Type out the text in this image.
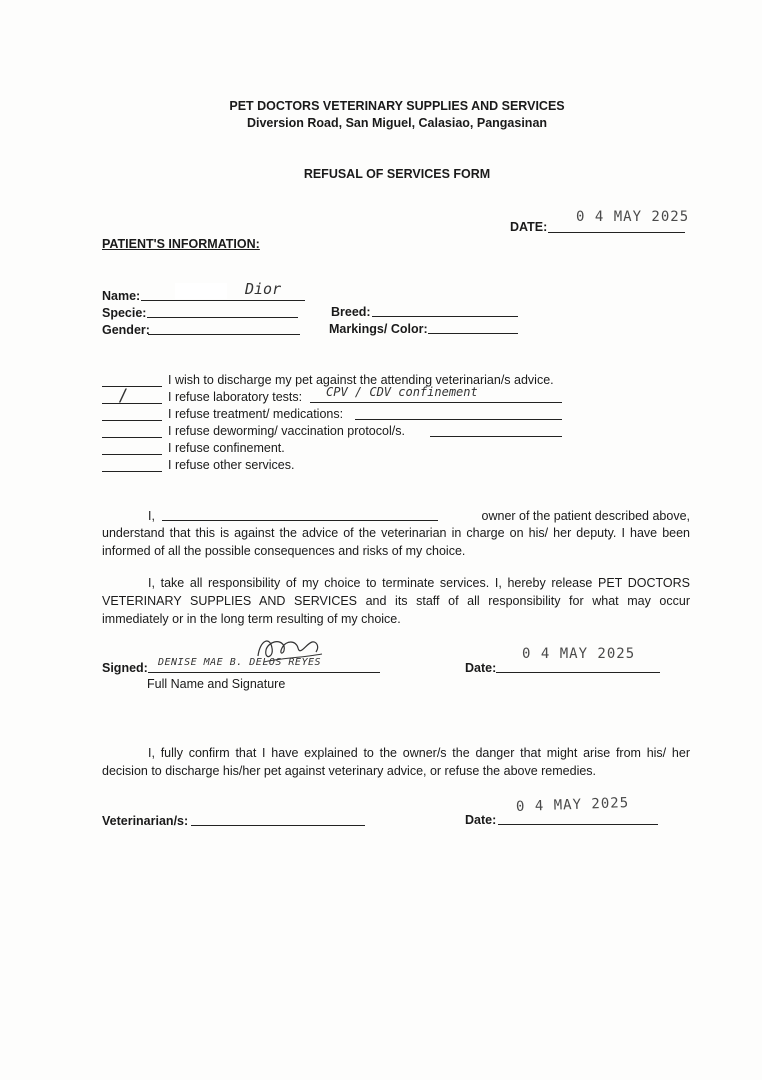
PET DOCTORS VETERINARY SUPPLIES AND SERVICES
Diversion Road, San Miguel, Calasiao, Pangasinan
REFUSAL OF SERVICES FORM
DATE:
0 4 MAY 2025
PATIENT'S INFORMATION:
Name:	Dior
Specie:	Breed:
Gender:	Markings/ Color:
I wish to discharge my pet against the attending veterinarian/s advice.
/	I refuse laboratory tests: CPV / CDV confinement
I refuse treatment/ medications:
I refuse deworming/ vaccination protocol/s.
I refuse confinement.
I refuse other services.
I,	owner of the patient described above,
understand that this is against the advice of the veterinarian in charge on his/ her deputy. I have been informed of all the possible consequences and risks of my choice.
I, take all responsibility of my choice to terminate services. I, hereby release PET DOCTORS VETERINARY SUPPLIES AND SERVICES and its staff of all responsibility for what may occur immediately or in the long term resulting of my choice.
Signed: DENISE MAE B. DELOS REYES
Full Name and Signature
Date:
0 4 MAY 2025
I, fully confirm that I have explained to the owner/s the danger that might arise from his/ her decision to discharge his/her pet against veterinary advice, or refuse the above remedies.
Veterinarian/s:	Date:
0 4 MAY 2025
